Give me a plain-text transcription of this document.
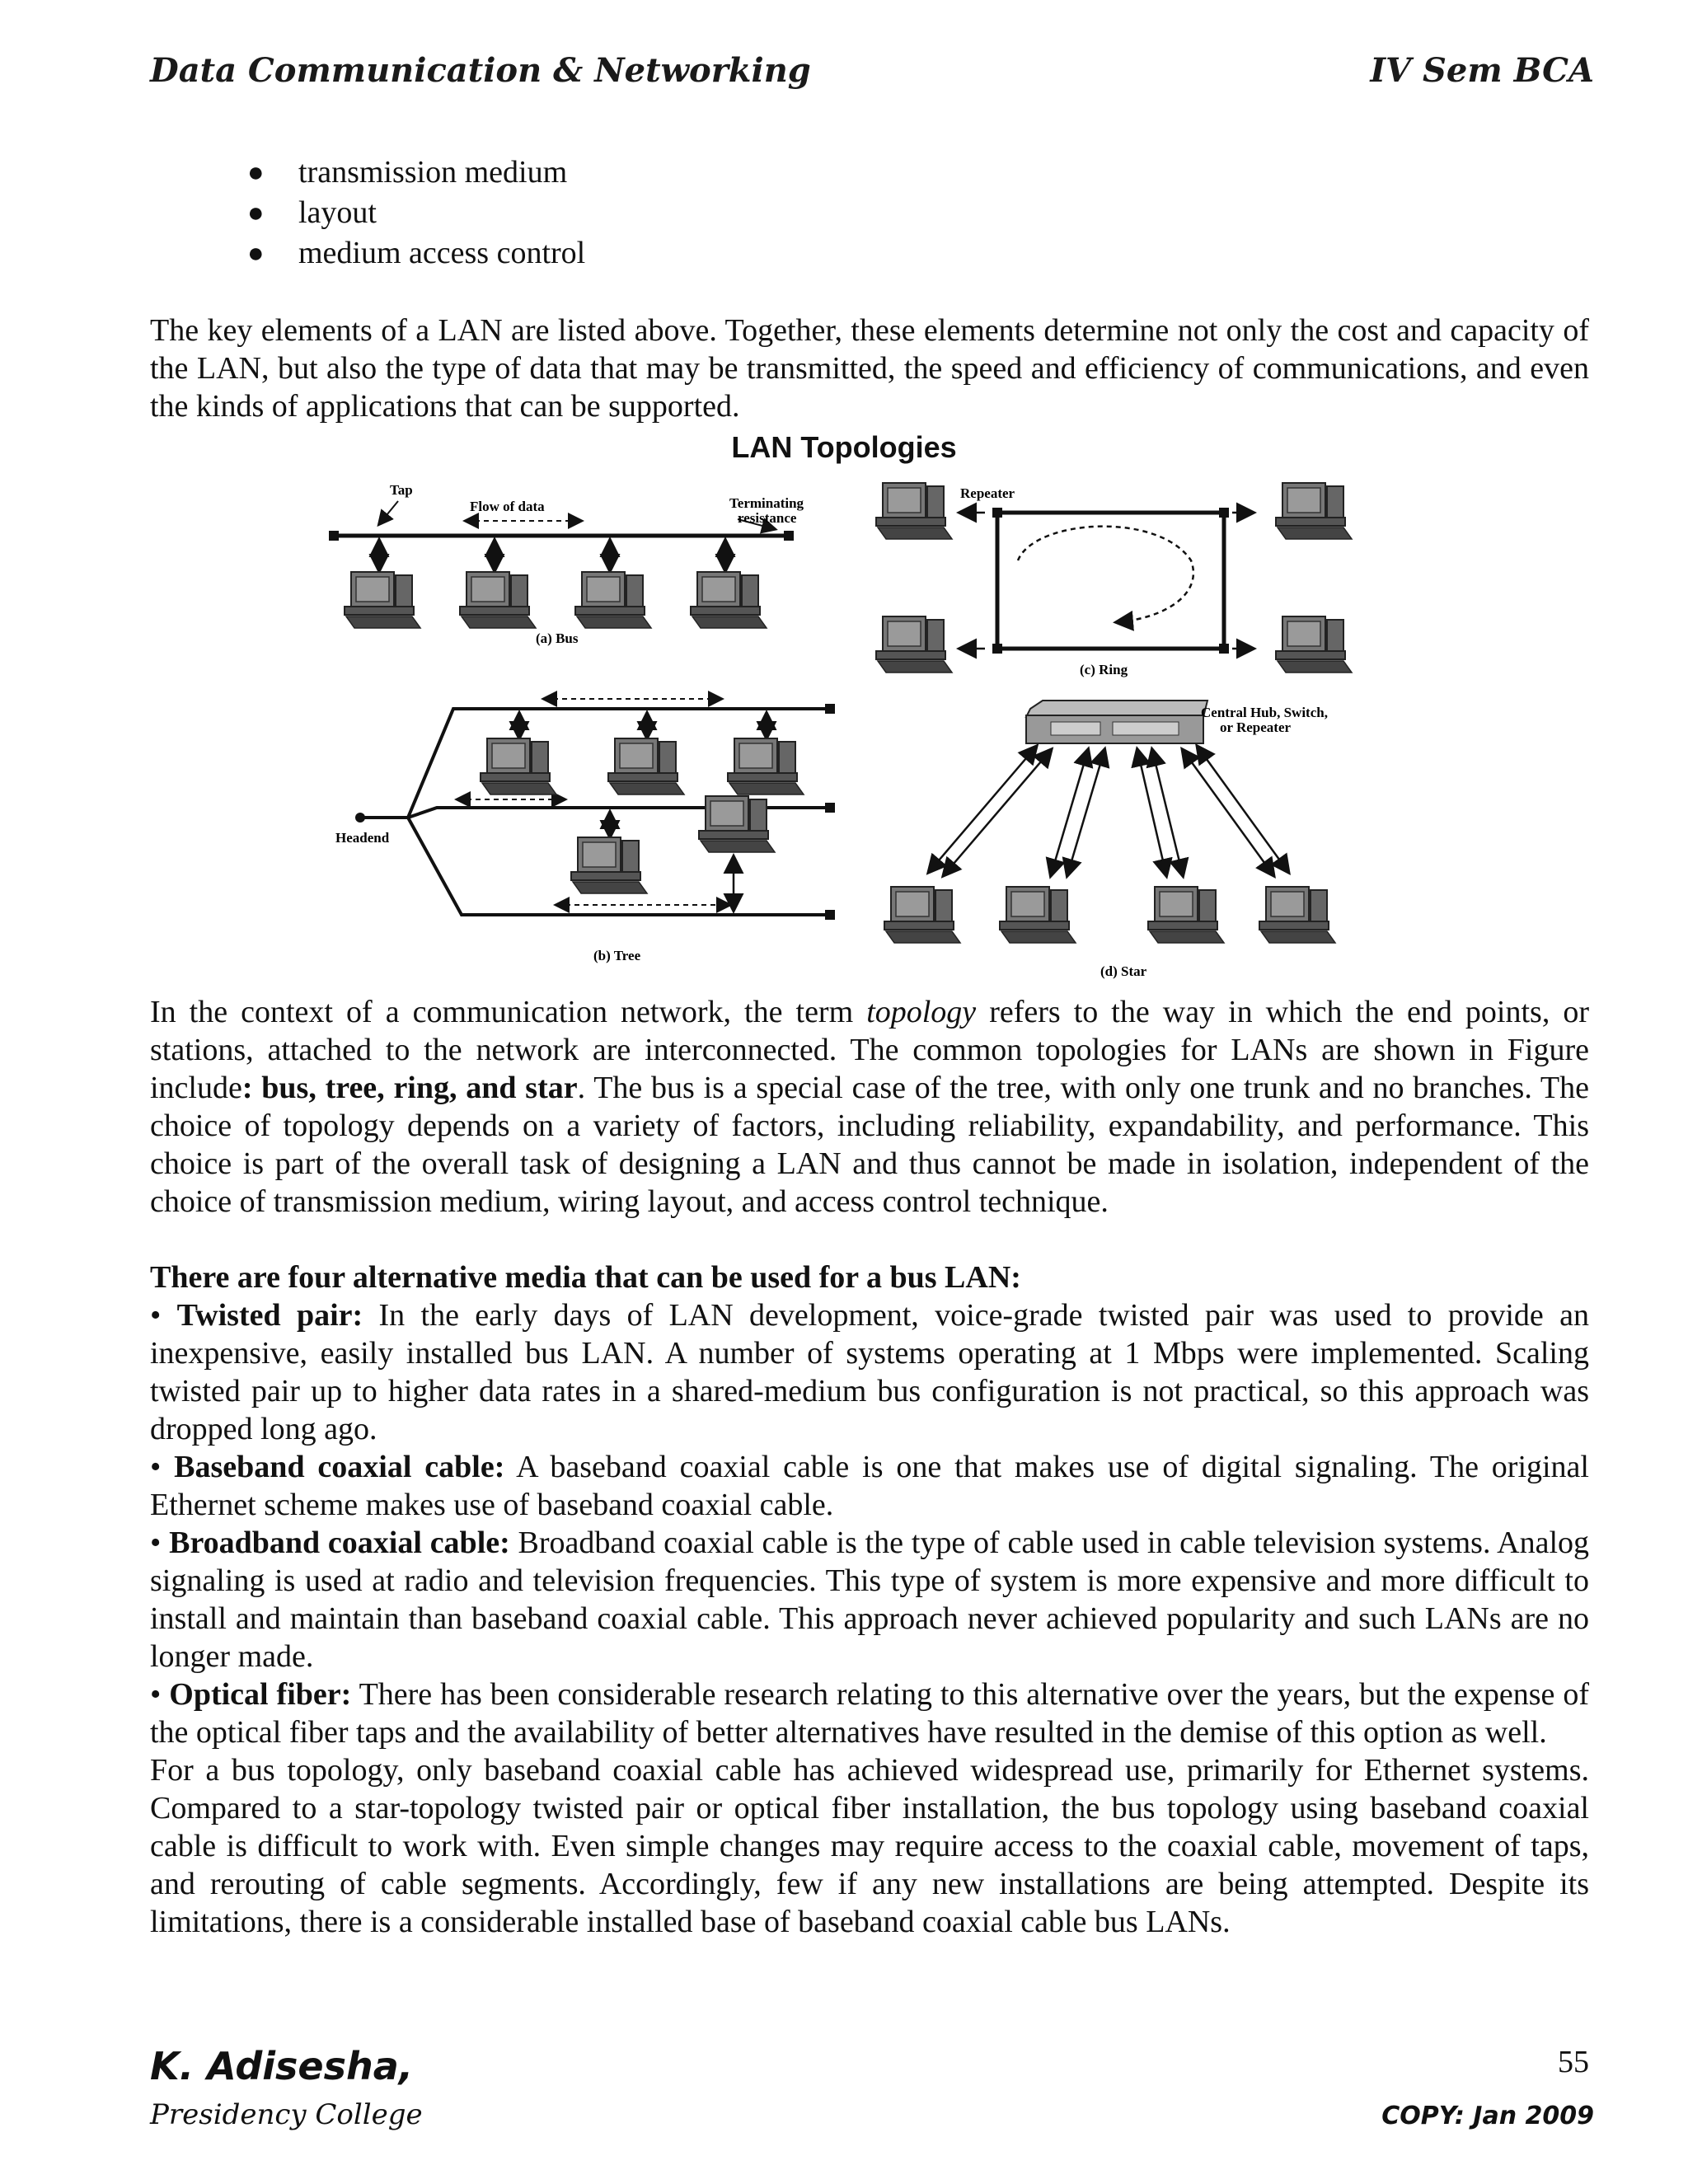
Data Communication & Networking	IV Sem BCA
● transmission medium
● layout
● medium access control

The key elements of a LAN are listed above. Together, these elements determine not only the cost and capacity of the LAN, but also the type of data that may be transmitted, the speed and efficiency of communications, and even the kinds of applications that can be supported.

LAN Topologies
Tap
Flow of data	Terminating
resistance
(a) Bus
Repeater
(c) Ring
Headend
(b) Tree
Central Hub, Switch,
or Repeater
(d) Star

In the context of a communication network, the term topology refers to the way in which the end points, or stations, attached to the network are interconnected. The common topologies for LANs are shown in Figure include: bus, tree, ring, and star. The bus is a special case of the tree, with only one trunk and no branches. The choice of topology depends on a variety of factors, including reliability, expandability, and performance. This choice is part of the overall task of designing a LAN and thus cannot be made in isolation, independent of the choice of transmission medium, wiring layout, and access control technique.

There are four alternative media that can be used for a bus LAN:
• Twisted pair: In the early days of LAN development, voice-grade twisted pair was used to provide an inexpensive, easily installed bus LAN. A number of systems operating at 1 Mbps were implemented. Scaling twisted pair up to higher data rates in a shared-medium bus configuration is not practical, so this approach was dropped long ago.
• Baseband coaxial cable: A baseband coaxial cable is one that makes use of digital signaling. The original Ethernet scheme makes use of baseband coaxial cable.
• Broadband coaxial cable: Broadband coaxial cable is the type of cable used in cable television systems. Analog signaling is used at radio and television frequencies. This type of system is more expensive and more difficult to install and maintain than baseband coaxial cable. This approach never achieved popularity and such LANs are no longer made.
• Optical fiber: There has been considerable research relating to this alternative over the years, but the expense of the optical fiber taps and the availability of better alternatives have resulted in the demise of this option as well.
For a bus topology, only baseband coaxial cable has achieved widespread use, primarily for Ethernet systems. Compared to a star-topology twisted pair or optical fiber installation, the bus topology using baseband coaxial cable is difficult to work with. Even simple changes may require access to the coaxial cable, movement of taps, and rerouting of cable segments. Accordingly, few if any new installations are being attempted. Despite its limitations, there is a considerable installed base of baseband coaxial cable bus LANs.
K. Adisesha,	55
Presidency College	COPY: Jan 2009
